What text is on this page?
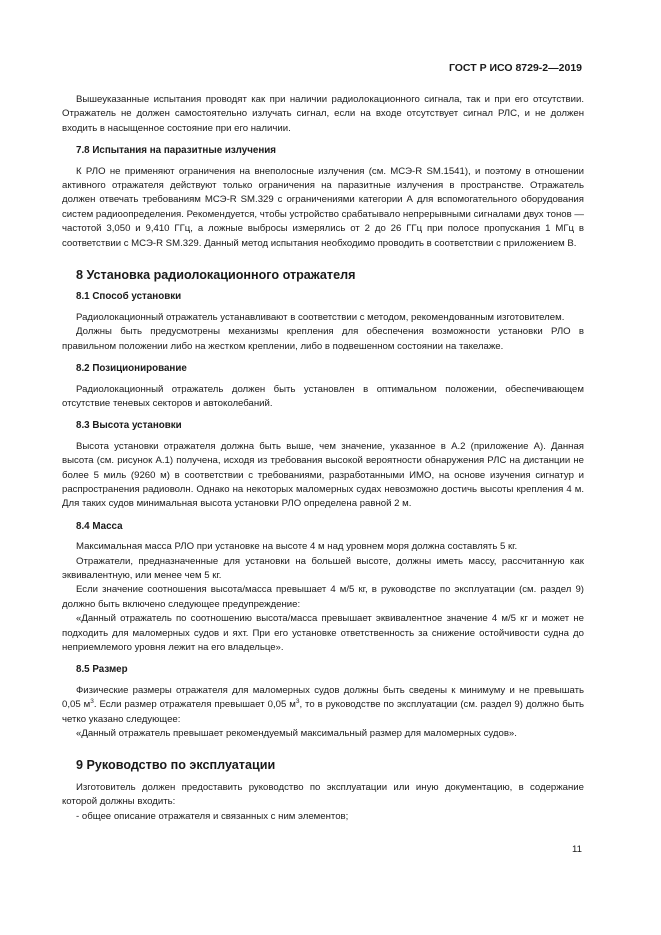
ГОСТ Р ИСО 8729-2—2019

Вышеуказанные испытания проводят как при наличии радиолокационного сигнала, так и при его отсутствии. Отражатель не должен самостоятельно излучать сигнал, если на входе отсутствует сигнал РЛС, и не должен входить в насыщенное состояние при его наличии.

7.8 Испытания на паразитные излучения

К РЛО не применяют ограничения на внеполосные излучения (см. МСЭ-R SM.1541), и поэтому в отношении активного отражателя действуют только ограничения на паразитные излучения в пространстве. Отражатель должен отвечать требованиям МСЭ-R SM.329 с ограничениями категории А для вспомогательного оборудования систем радиоопределения. Рекомендуется, чтобы устройство срабатывало непрерывными сигналами двух тонов — частотой 3,050 и 9,410 ГГц, а ложные выбросы измерялись от 2 до 26 ГГц при полосе пропускания 1 МГц в соответствии с МСЭ-R SM.329. Данный метод испытания необходимо проводить в соответствии с приложением В.

8 Установка радиолокационного отражателя
8.1 Способ установки

Радиолокационный отражатель устанавливают в соответствии с методом, рекомендованным изготовителем.

Должны быть предусмотрены механизмы крепления для обеспечения возможности установки РЛО в правильном положении либо на жестком креплении, либо в подвешенном состоянии на такелаже.

8.2 Позиционирование

Радиолокационный отражатель должен быть установлен в оптимальном положении, обеспечивающем отсутствие теневых секторов и автоколебаний.

8.3 Высота установки

Высота установки отражателя должна быть выше, чем значение, указанное в А.2 (приложение А). Данная высота (см. рисунок А.1) получена, исходя из требования высокой вероятности обнаружения РЛС на дистанции не более 5 миль (9260 м) в соответствии с требованиями, разработанными ИМО, на основе изучения сигнатур и распространения радиоволн. Однако на некоторых маломерных судах невозможно достичь высоты крепления 4 м. Для таких судов минимальная высота установки РЛО определена равной 2 м.

8.4 Масса

Максимальная масса РЛО при установке на высоте 4 м над уровнем моря должна составлять 5 кг.

Отражатели, предназначенные для установки на большей высоте, должны иметь массу, рассчитанную как эквивалентную, или менее чем 5 кг.

Если значение соотношения высота/масса превышает 4 м/5 кг, в руководстве по эксплуатации (см. раздел 9) должно быть включено следующее предупреждение:

«Данный отражатель по соотношению высота/масса превышает эквивалентное значение 4 м/5 кг и может не подходить для маломерных судов и яхт. При его установке ответственность за снижение остойчивости судна до неприемлемого уровня лежит на его владельце».

8.5 Размер

Физические размеры отражателя для маломерных судов должны быть сведены к минимуму и не превышать 0,05 $м^3$. Если размер отражателя превышает 0,05 $м^3$, то в руководстве по эксплуатации (см. раздел 9) должно быть четко указано следующее:

«Данный отражатель превышает рекомендуемый максимальный размер для маломерных судов».

9 Руководство по эксплуатации

Изготовитель должен предоставить руководство по эксплуатации или иную документацию, в содержание которой должны входить:

- общее описание отражателя и связанных с ним элементов;

11
